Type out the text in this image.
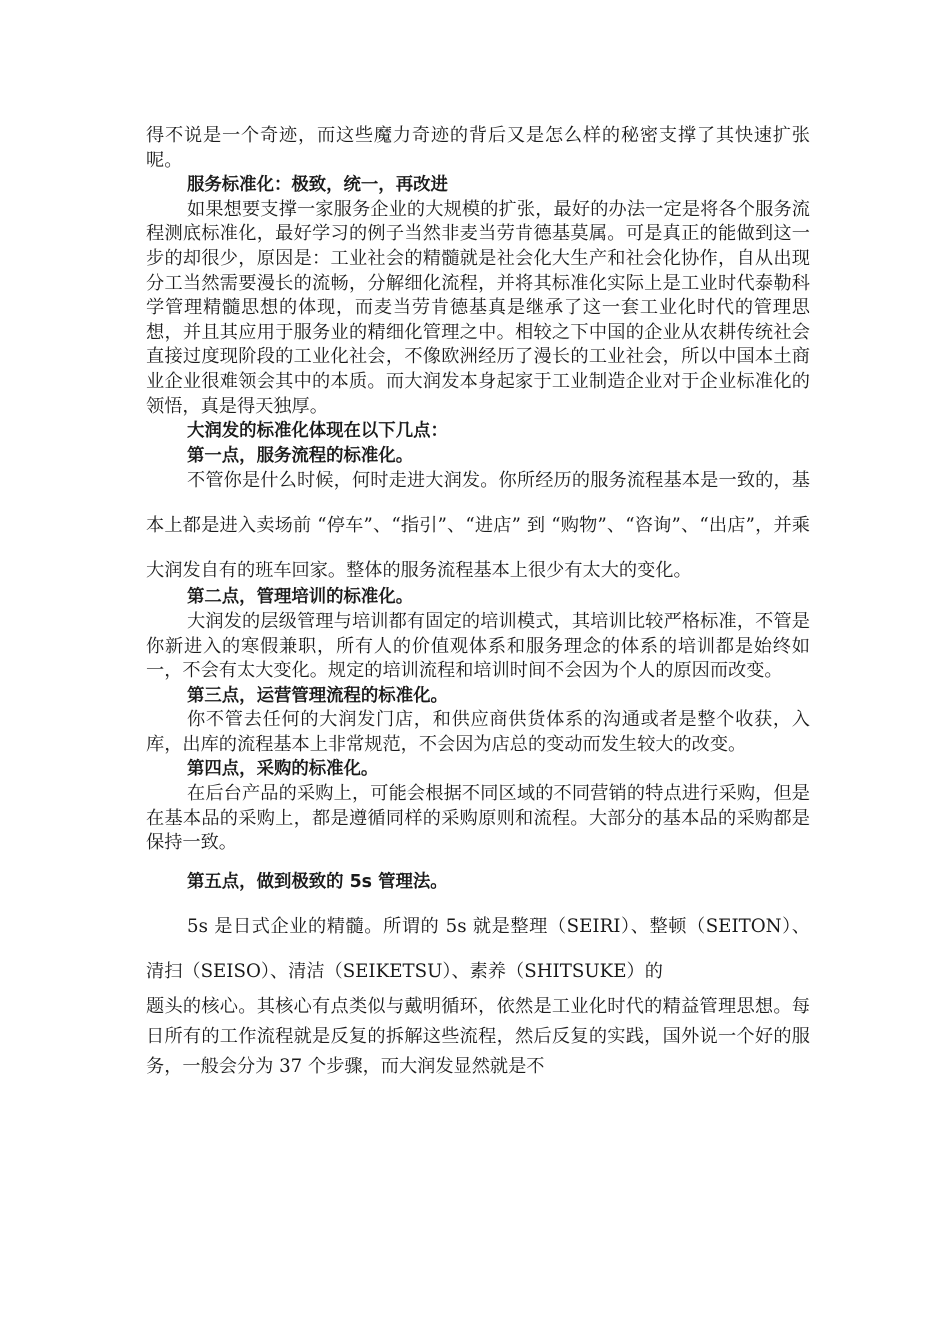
得不说是一个奇迹，而这些魔力奇迹的背后又是怎么样的秘密支撑了其快速扩张呢。

服务标准化：极致，统一，再改进

如果想要支撑一家服务企业的大规模的扩张，最好的办法一定是将各个服务流程测底标准化，最好学习的例子当然非麦当劳肯德基莫属。可是真正的能做到这一步的却很少，原因是：工业社会的精髓就是社会化大生产和社会化协作，自从出现分工当然需要漫长的流畅，分解细化流程，并将其标准化实际上是工业时代泰勒科学管理精髓思想的体现，而麦当劳肯德基真是继承了这一套工业化时代的管理思想，并且其应用于服务业的精细化管理之中。相较之下中国的企业从农耕传统社会直接过度现阶段的工业化社会，不像欧洲经历了漫长的工业社会，所以中国本土商业企业很难领会其中的本质。而大润发本身起家于工业制造企业对于企业标准化的领悟，真是得天独厚。

大润发的标准化体现在以下几点：

第一点，服务流程的标准化。

不管你是什么时候，何时走进大润发。你所经历的服务流程基本是一致的，基本上都是进入卖场前 “停车”、“指引”、“进店” 到 “购物”、“咨询”、“出店”，并乘大润发自有的班车回家。整体的服务流程基本上很少有太大的变化。

第二点，管理培训的标准化。

大润发的层级管理与培训都有固定的培训模式，其培训比较严格标准，不管是你新进入的寒假兼职，所有人的价值观体系和服务理念的体系的培训都是始终如一，不会有太大变化。规定的培训流程和培训时间不会因为个人的原因而改变。

第三点，运营管理流程的标准化。

你不管去任何的大润发门店，和供应商供货体系的沟通或者是整个收获，入库，出库的流程基本上非常规范，不会因为店总的变动而发生较大的改变。

第四点，采购的标准化。

在后台产品的采购上，可能会根据不同区域的不同营销的特点进行采购，但是在基本品的采购上，都是遵循同样的采购原则和流程。大部分的基本品的采购都是保持一致。

第五点，做到极致的 5s 管理法。

5s 是日式企业的精髓。所谓的 5s 就是整理（SEIRI）、整顿（SEITON）、清扫（SEISO）、清洁（SEIKETSU）、素养（SHITSUKE）的

题头的核心。其核心有点类似与戴明循环，依然是工业化时代的精益管理思想。每日所有的工作流程就是反复的拆解这些流程，然后反复的实践，国外说一个好的服务，一般会分为 37 个步骤，而大润发显然就是不
